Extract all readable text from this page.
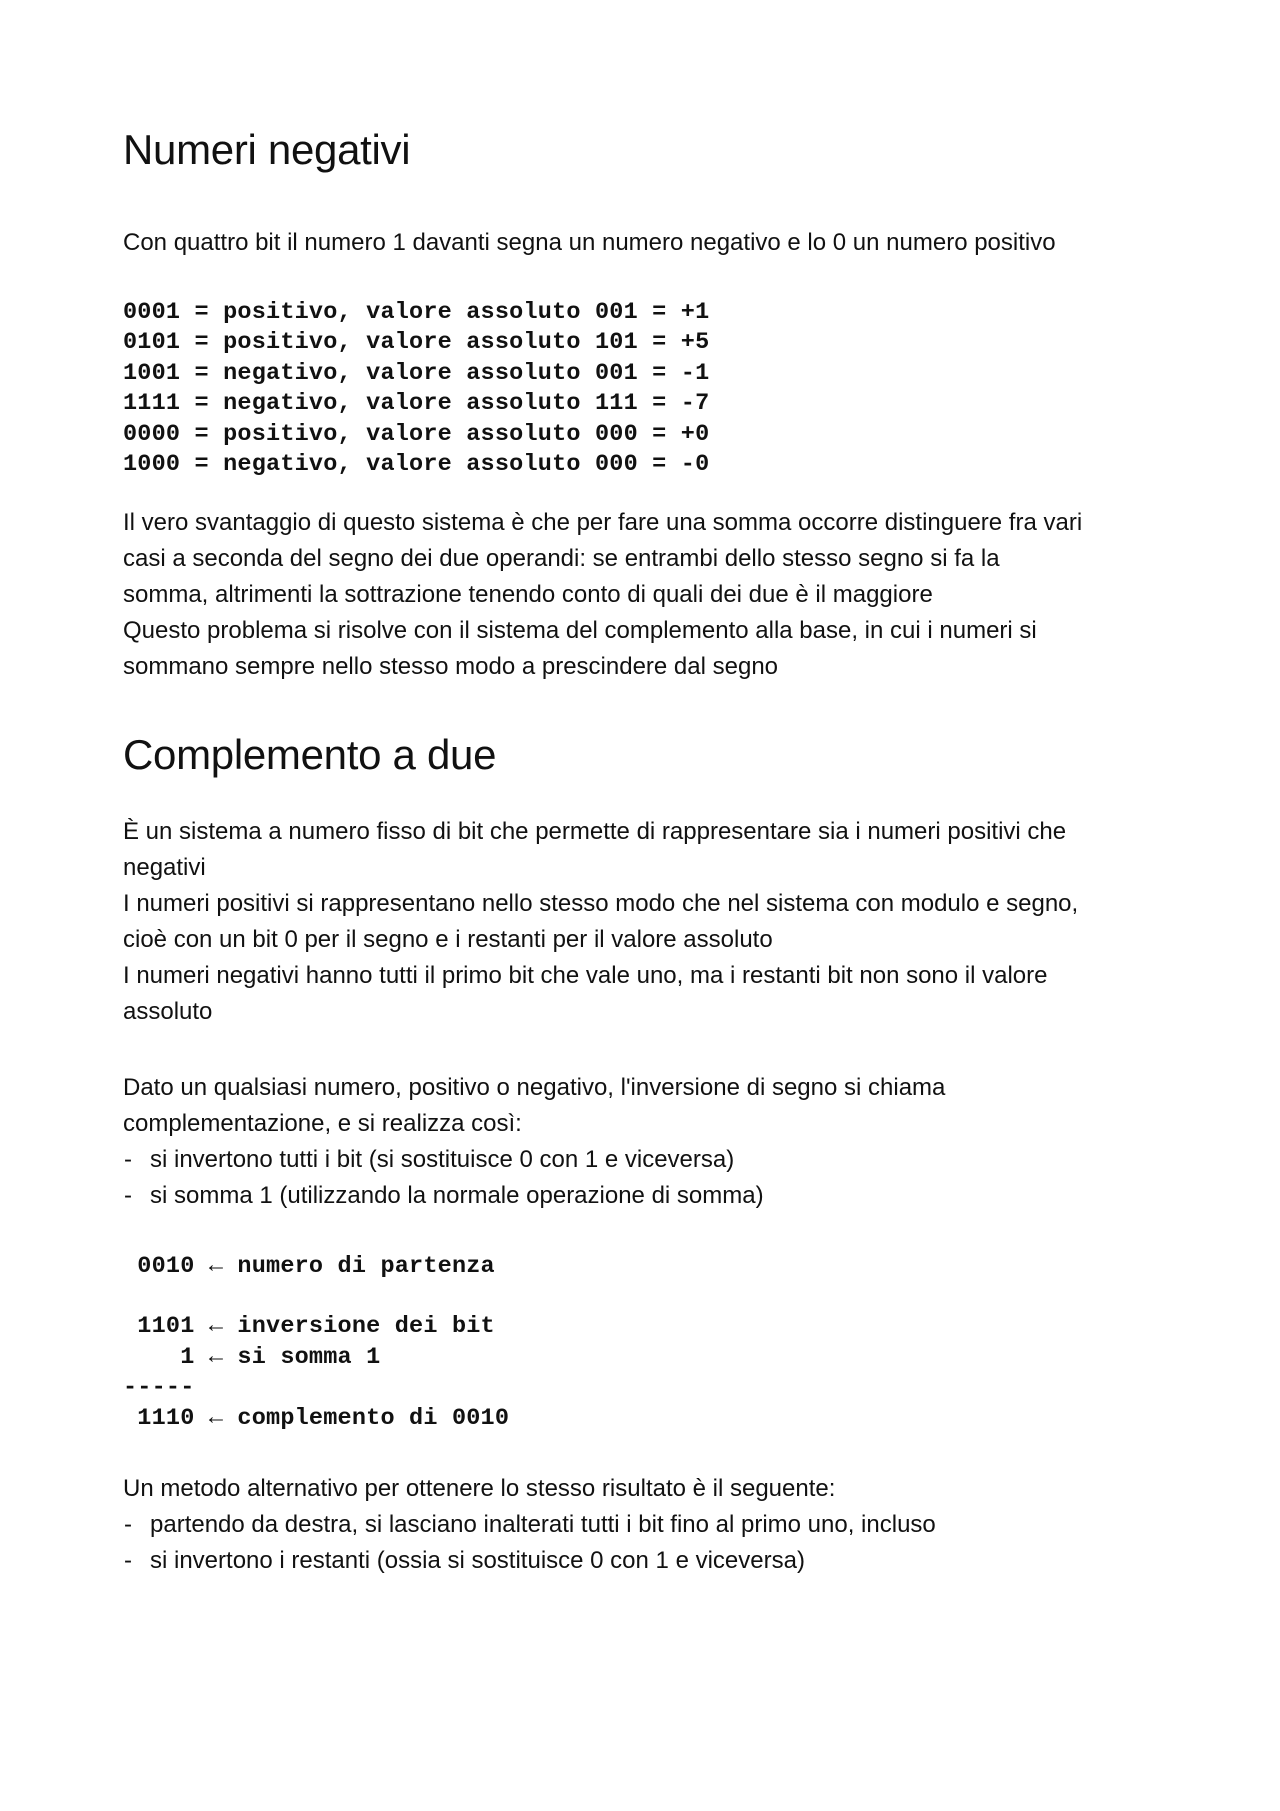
Numeri negativi

Con quattro bit il numero 1 davanti segna un numero negativo e lo 0 un numero positivo

0001 = positivo, valore assoluto 001 = +1
0101 = positivo, valore assoluto 101 = +5
1001 = negativo, valore assoluto 001 = -1
1111 = negativo, valore assoluto 111 = -7
0000 = positivo, valore assoluto 000 = +0
1000 = negativo, valore assoluto 000 = -0
Il vero svantaggio di questo sistema è che per fare una somma occorre distinguere fra vari
casi a seconda del segno dei due operandi: se entrambi dello stesso segno si fa la
somma, altrimenti la sottrazione tenendo conto di quali dei due è il maggiore
Questo problema si risolve con il sistema del complemento alla base, in cui i numeri si
sommano sempre nello stesso modo a prescindere dal segno
Complemento a due
È un sistema a numero fisso di bit che permette di rappresentare sia i numeri positivi che
negativi
I numeri positivi si rappresentano nello stesso modo che nel sistema con modulo e segno,
cioè con un bit 0 per il segno e i restanti per il valore assoluto
I numeri negativi hanno tutti il primo bit che vale uno, ma i restanti bit non sono il valore
assoluto
Dato un qualsiasi numero, positivo o negativo, l'inversione di segno si chiama
complementazione, e si realizza così:
- si invertono tutti i bit (si sostituisce 0 con 1 e viceversa)
- si somma 1 (utilizzando la normale operazione di somma)
0010 ← numero di partenza
1101 ← inversione dei bit
1 ← si somma 1
-----
1110 ← complemento di 0010

Un metodo alternativo per ottenere lo stesso risultato è il seguente:

- partendo da destra, si lasciano inalterati tutti i bit fino al primo uno, incluso
- si invertono i restanti (ossia si sostituisce 0 con 1 e viceversa)
